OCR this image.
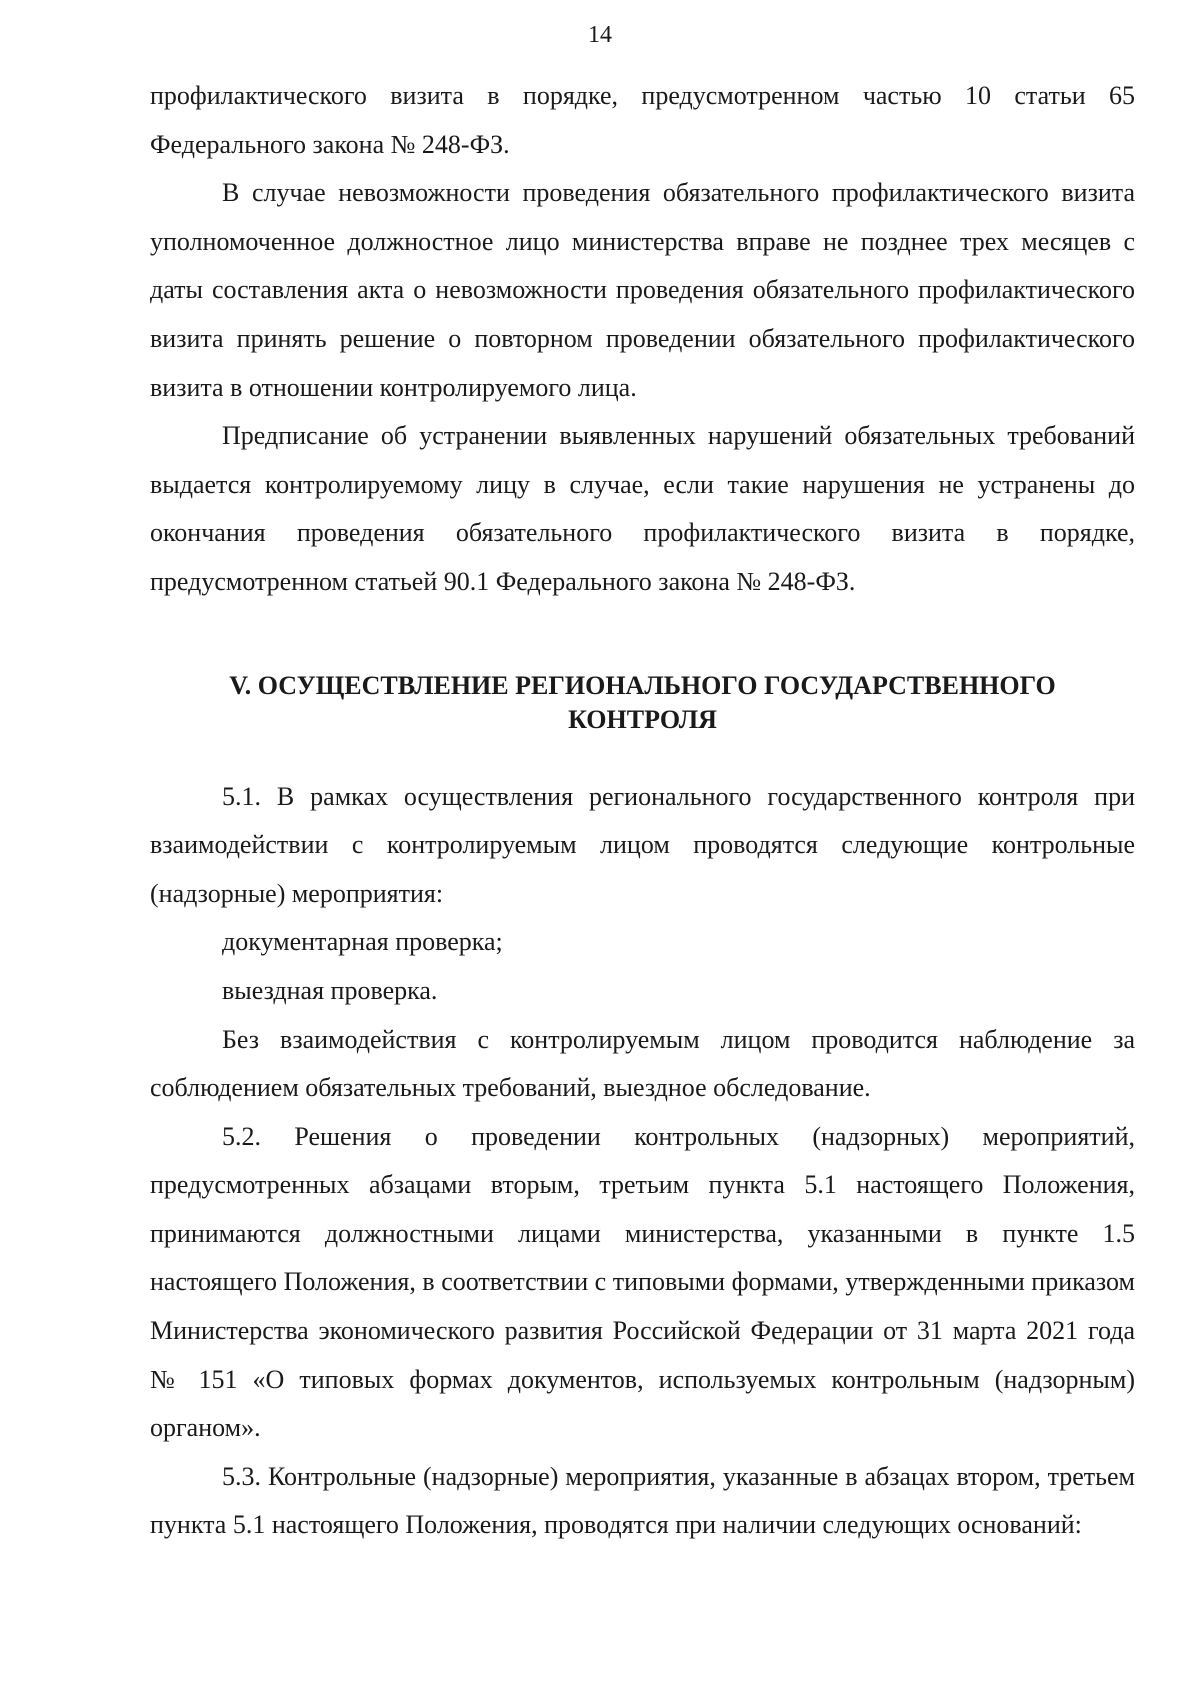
14

профилактического визита в порядке, предусмотренном частью 10 статьи 65 Федерального закона № 248-ФЗ.

В случае невозможности проведения обязательного профилактического визита уполномоченное должностное лицо министерства вправе не позднее трех месяцев с даты составления акта о невозможности проведения обязательного профилактического визита принять решение о повторном проведении обязательного профилактического визита в отношении контролируемого лица.

Предписание об устранении выявленных нарушений обязательных требований выдается контролируемому лицу в случае, если такие нарушения не устранены до окончания проведения обязательного профилактического визита в порядке, предусмотренном статьей 90.1 Федерального закона № 248-ФЗ.

V. ОСУЩЕСТВЛЕНИЕ РЕГИОНАЛЬНОГО ГОСУДАРСТВЕННОГО
КОНТРОЛЯ

5.1. В рамках осуществления регионального государственного контроля при взаимодействии с контролируемым лицом проводятся следующие контрольные (надзорные) мероприятия:

документарная проверка;

выездная проверка.

Без взаимодействия с контролируемым лицом проводится наблюдение за соблюдением обязательных требований, выездное обследование.

5.2. Решения о проведении контрольных (надзорных) мероприятий, предусмотренных абзацами вторым, третьим пункта 5.1 настоящего Положения, принимаются должностными лицами министерства, указанными в пункте 1.5 настоящего Положения, в соответствии с типовыми формами, утвержденными приказом Министерства экономического развития Российской Федерации от 31 марта 2021 года № 151 «О типовых формах документов, используемых контрольным (надзорным) органом».

5.3. Контрольные (надзорные) мероприятия, указанные в абзацах втором, третьем пункта 5.1 настоящего Положения, проводятся при наличии следующих оснований:
